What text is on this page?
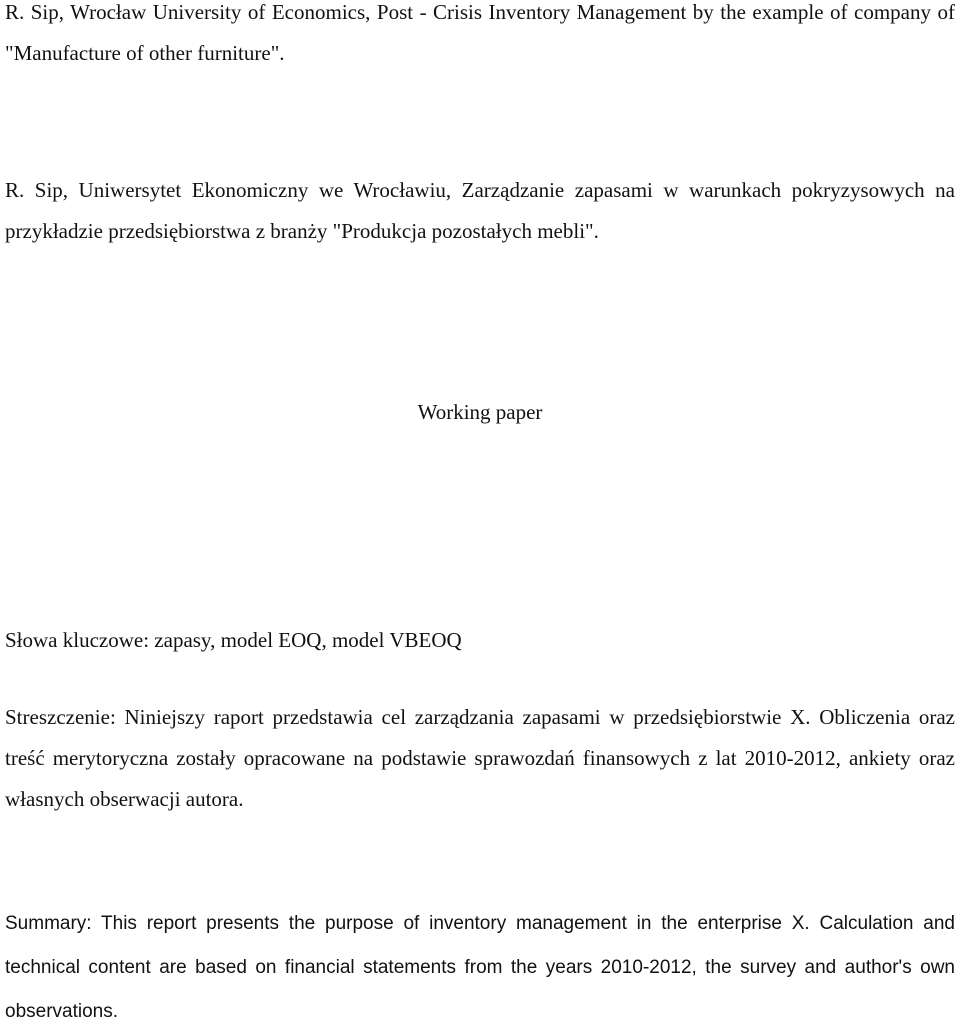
R. Sip, Wrocław University of Economics, Post - Crisis Inventory Management by the example of company of "Manufacture of other furniture".

R. Sip, Uniwersytet Ekonomiczny we Wrocławiu, Zarządzanie zapasami w warunkach pokryzysowych na przykładzie przedsiębiorstwa z branży "Produkcja pozostałych mebli".

Working paper

Słowa kluczowe: zapasy, model EOQ, model VBEOQ

Streszczenie: Niniejszy raport przedstawia cel zarządzania zapasami w przedsiębiorstwie X. Obliczenia oraz treść merytoryczna zostały opracowane na podstawie sprawozdań finansowych z lat 2010-2012, ankiety oraz własnych obserwacji autora.

Summary: This report presents the purpose of inventory management in the enterprise X. Calculation and technical content are based on financial statements from the years 2010-2012, the survey and author's own observations.
